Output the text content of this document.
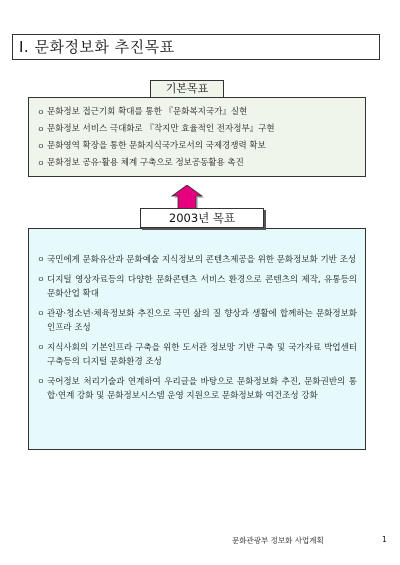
Ⅰ. 문화정보화 추진목표
기본목표
ㅇ 문화정보 접근기회 확대를 통한 『문화복지국가』실현
ㅇ 문화정보 서비스 극대화로 『작지만 효율적인 전자정부』구현
ㅇ 문화영역 확장을 통한 문화지식국가로서의 국제경쟁력 확보
ㅇ 문화정보 공유·활용 체계 구축으로 정보공동활용 촉진
2003년 목표
ㅇ 국민에게 문화유산과 문화예술 지식정보의 콘텐츠제공을 위한 문화정보화 기반 조성
ㅇ 디지털 영상자료등의 다양한 문화콘텐츠 서비스 환경으로 콘텐츠의 제작, 유통등의 문화산업 확대
ㅇ 관광·청소년·체육정보화 추진으로 국민 삶의 질 향상과 생활에 합께하는 문화정보화 인프라 조성
ㅇ 지식사회의 기본인프라 구축을 위한 도서관 정보망 기반 구축 및 국가자료 박업센터 구축등의 디지털 문화환경 조성
ㅇ 국어정보 처리기술과 연계하여 우리글을 바탕으로 문화정보화 추진, 문화권반의 통합·연계 강화 및 문화정보시스템 운영 지원으로 문화정보화 여건조성 강화
문화관광부 정보화 사업계획	1
